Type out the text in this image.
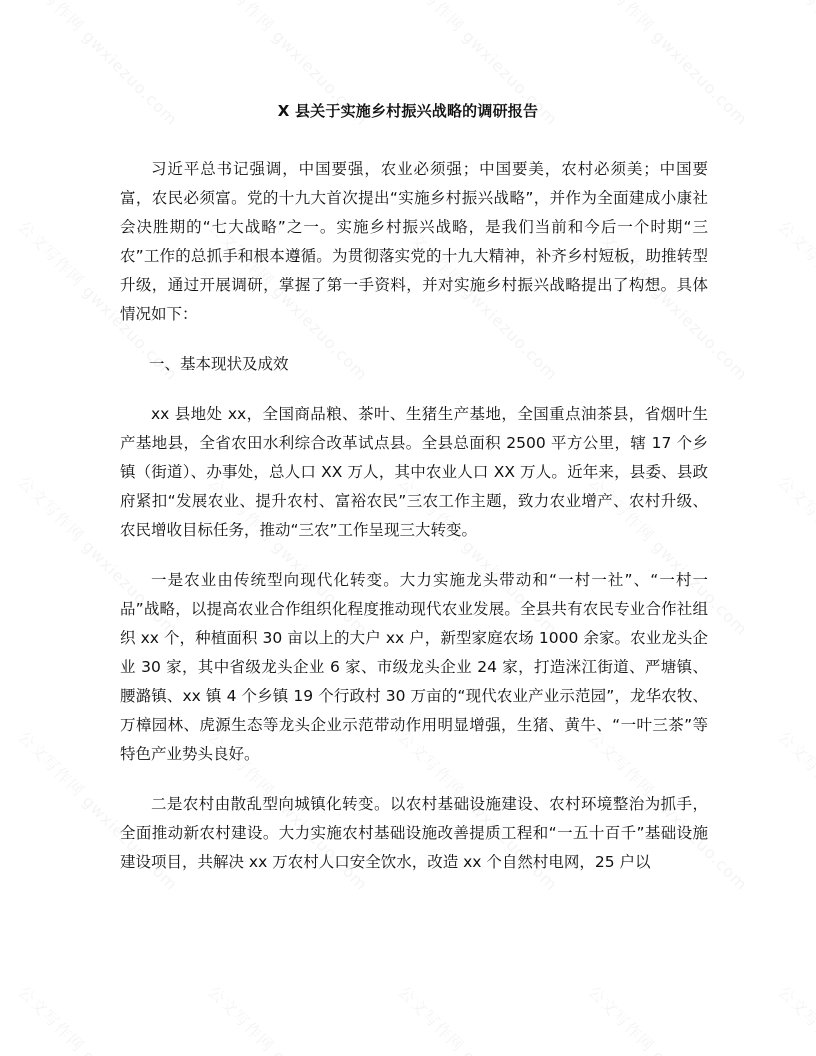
X 县关于实施乡村振兴战略的调研报告

习近平总书记强调，中国要强，农业必须强；中国要美，农村必须美；中国要富，农民必须富。党的十九大首次提出“实施乡村振兴战略”，并作为全面建成小康社会决胜期的“七大战略”之一。实施乡村振兴战略，是我们当前和今后一个时期“三农”工作的总抓手和根本遵循。为贯彻落实党的十九大精神，补齐乡村短板，助推转型升级，通过开展调研，掌握了第一手资料，并对实施乡村振兴战略提出了构想。具体情况如下：

一、基本现状及成效

xx 县地处 xx，全国商品粮、茶叶、生猪生产基地，全国重点油茶县，省烟叶生产基地县，全省农田水利综合改革试点县。全县总面积 2500 平方公里，辖 17 个乡镇（街道）、办事处，总人口 XX 万人，其中农业人口 XX 万人。近年来，县委、县政府紧扣“发展农业、提升农村、富裕农民”三农工作主题，致力农业增产、农村升级、农民增收目标任务，推动“三农”工作呈现三大转变。

一是农业由传统型向现代化转变。大力实施龙头带动和“一村一社”、“一村一品”战略，以提高农业合作组织化程度推动现代农业发展。全县共有农民专业合作社组织 xx 个，种植面积 30 亩以上的大户 xx 户，新型家庭农场 1000 余家。农业龙头企业 30 家，其中省级龙头企业 6 家、市级龙头企业 24 家，打造洣江街道、严塘镇、腰潞镇、xx 镇 4 个乡镇 19 个行政村 30 万亩的“现代农业产业示范园”，龙华农牧、万樟园林、虎源生态等龙头企业示范带动作用明显增强，生猪、黄牛、“一叶三茶”等特色产业势头良好。

二是农村由散乱型向城镇化转变。以农村基础设施建设、农村环境整治为抓手，全面推动新农村建设。大力实施农村基础设施改善提质工程和“一五十百千”基础设施建设项目，共解决 xx 万农村人口安全饮水，改造 xx 个自然村电网，25 户以
